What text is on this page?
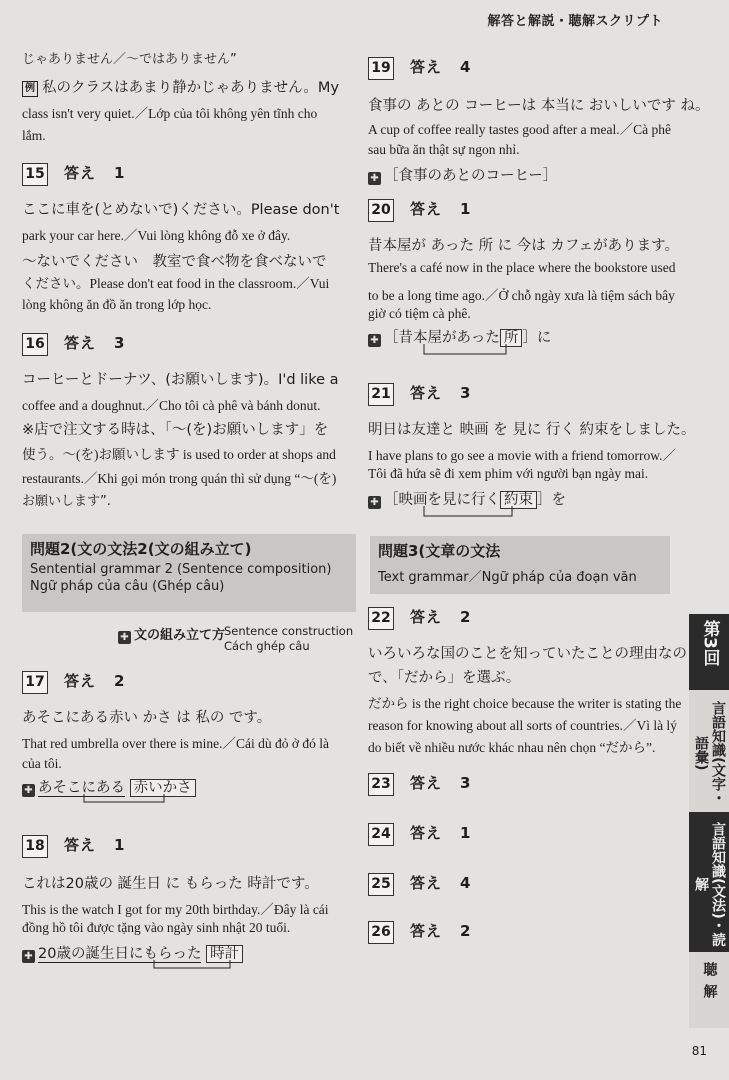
解答と解説・聴解スクリプト
じゃありません／～ではありません”
例 私のクラスはあまり静かじゃありません。My
class isn't very quiet.／Lớp của tôi không yên tĩnh cho
lắm.
15 答え 1
ここに車を(とめないで)ください。Please don't
park your car here.／Vui lòng không đỗ xe ở đây.
～ないでください　教室で食べ物を食べないで
ください。Please don't eat food in the classroom.／Vui
lòng không ăn đồ ăn trong lớp học.
16 答え 3
コーヒーとドーナツ、(お願いします)。I'd like a
coffee and a doughnut.／Cho tôi cà phê và bánh donut.
※店で注文する時は、「～(を)お願いします」を
使う。～(を)お願いします is used to order at shops and
restaurants.／Khi gọi món trong quán thì sử dụng “～(を)
お願いします”.
問題2(文の文法2(文の組み立て)
Sentential grammar 2 (Sentence composition)
Ngữ pháp của câu (Ghép câu)
✚ 文の組み立て方
Sentence construction
Cách ghép câu
17 答え 2
あそこにある赤い かさ は 私の です。
That red umbrella over there is mine.／Cái dù đỏ ở đó là
của tôi.
✚ あそこにある 赤いかさ
18 答え 1
これは20歳の 誕生日 に もらった 時計です。
This is the watch I got for my 20th birthday.／Đây là cái
đồng hồ tôi được tặng vào ngày sinh nhật 20 tuổi.
✚ 20歳の誕生日にもらった 時計
19 答え 4
食事の あとの コーヒーは 本当に おいしいです ね。
A cup of coffee really tastes good after a meal.／Cà phê
sau bữa ăn thật sự ngon nhỉ.
✚ ［食事のあとのコーヒー］
20 答え 1
昔本屋が あった 所 に 今は カフェがあります。
There's a café now in the place where the bookstore used
to be a long time ago.／Ở chỗ ngày xưa là tiệm sách bây
giờ có tiệm cà phê.
✚ ［昔本屋があった 所 ］に
21 答え 3
明日は友達と 映画 を 見に 行く 約束をしました。
I have plans to go see a movie with a friend tomorrow.／
Tôi đã hứa sẽ đi xem phim với người bạn ngày mai.
✚ ［映画を見に行く 約束 ］を
問題3(文章の文法
Text grammar／Ngữ pháp của đoạn văn
22 答え 2
いろいろな国のことを知っていたことの理由なの
で、「だから」を選ぶ。
だから is the right choice because the writer is stating the
reason for knowing about all sorts of countries.／Vì là lý
do biết về nhiều nước khác nhau nên chọn “だから”.
23 答え 3
24 答え 1
25 答え 4
26 答え 2
第3回
言語知識(文字・語彙)
言語知識(文法)・読解
聴解
81
